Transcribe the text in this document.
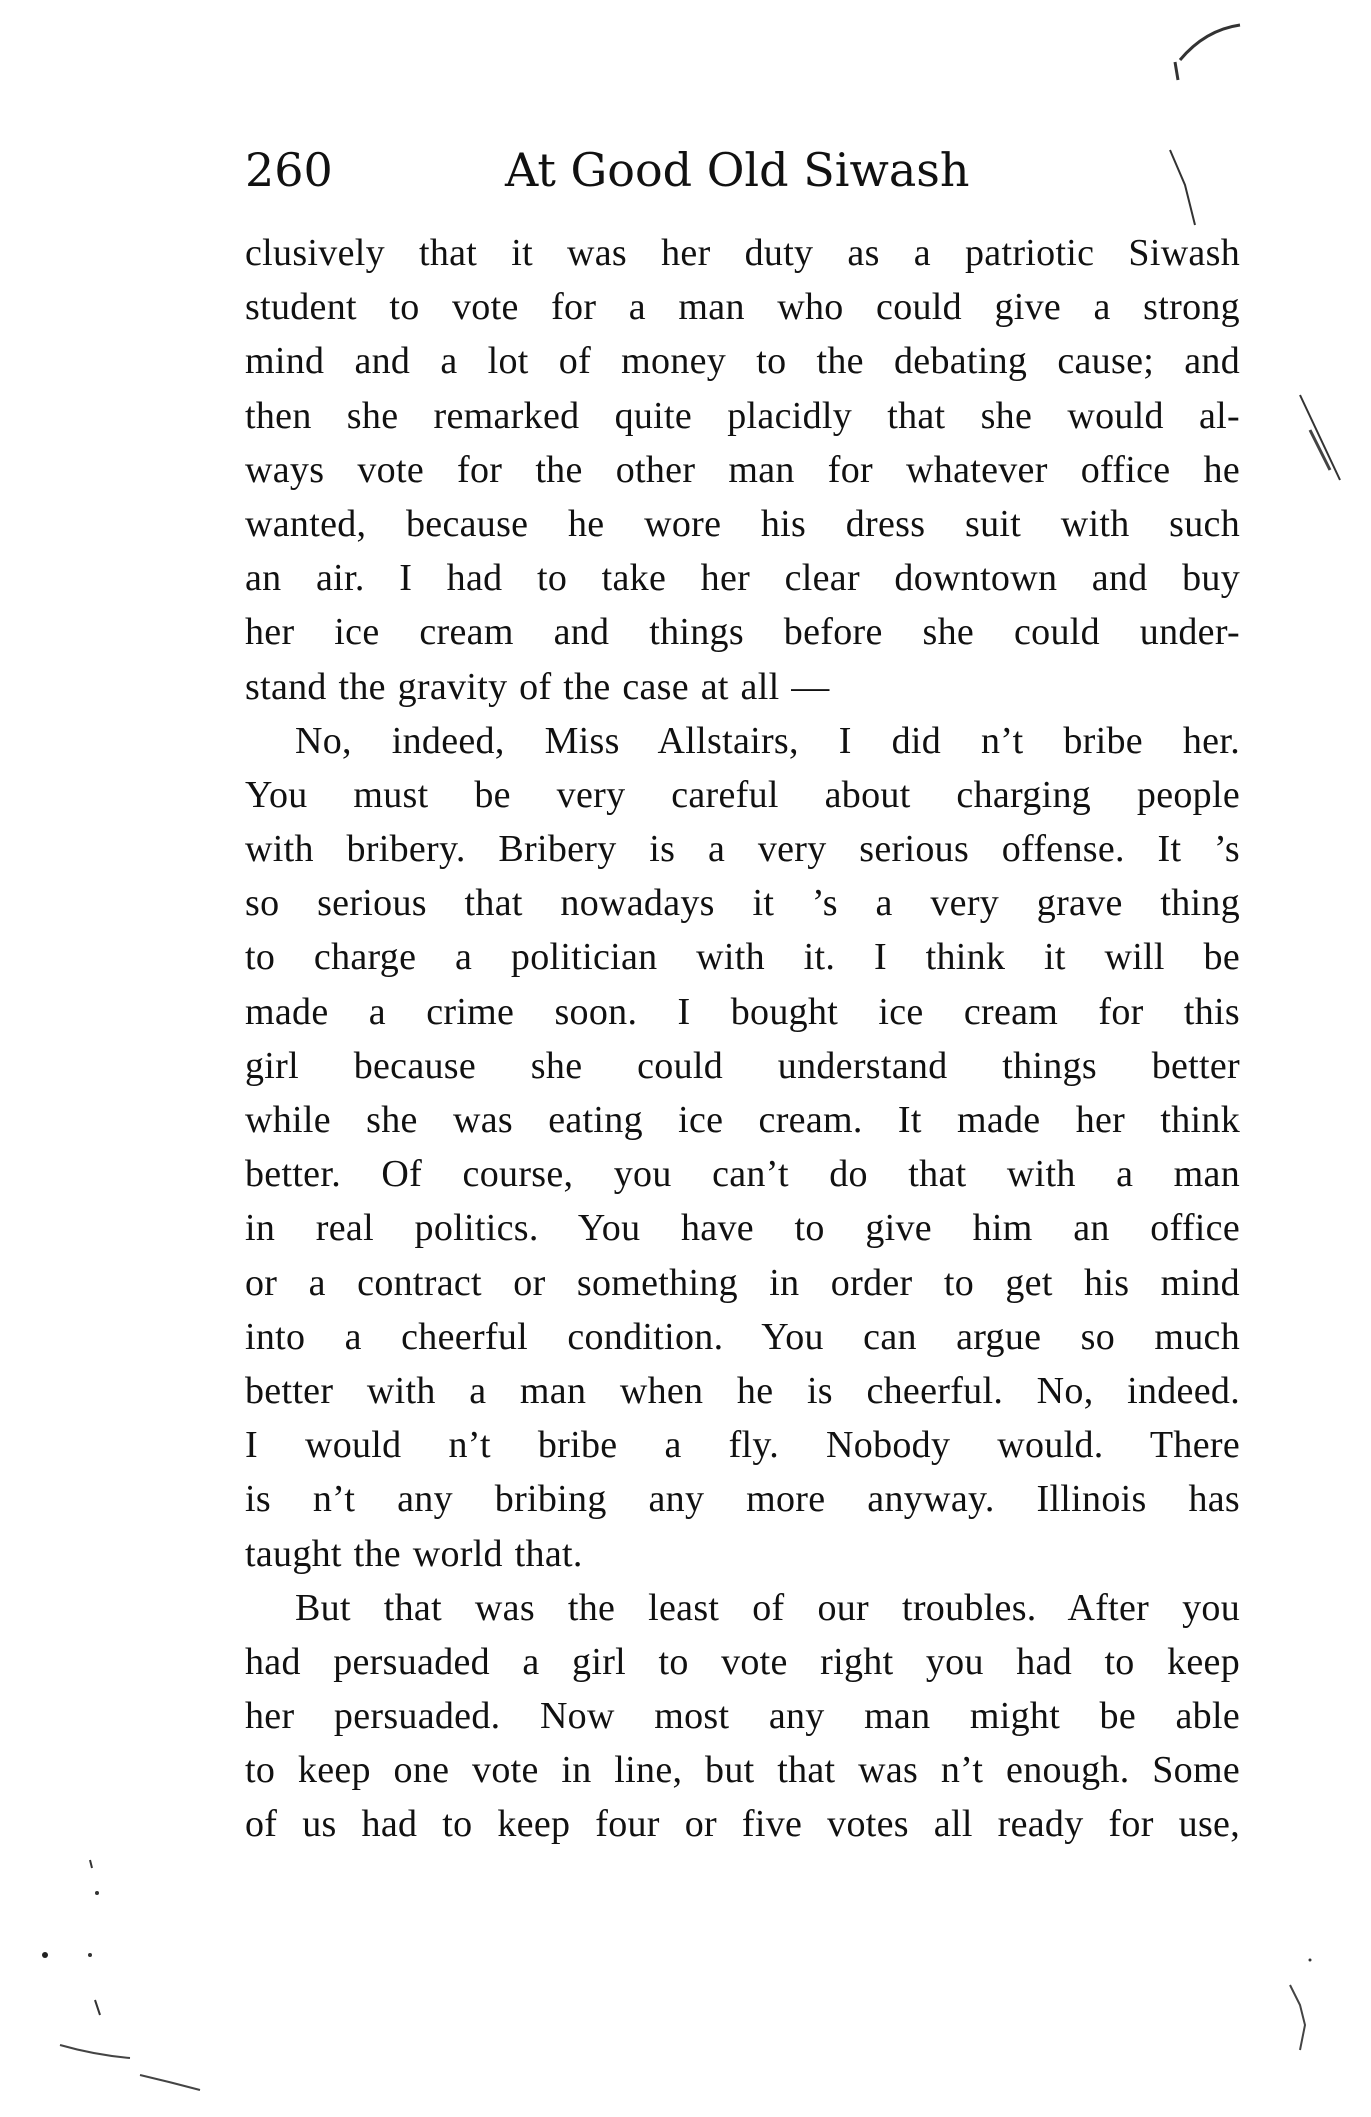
260	At Good Old Siwash
clusively that it was her duty as a patriotic Siwash
student to vote for a man who could give a strong
mind and a lot of money to the debating cause; and
then she remarked quite placidly that she would al-
ways vote for the other man for whatever office he
wanted, because he wore his dress suit with such
an air. I had to take her clear downtown and buy
her ice cream and things before she could under-
stand the gravity of the case at all —
No, indeed, Miss Allstairs, I did n’t bribe her.
You must be very careful about charging people
with bribery. Bribery is a very serious offense. It ’s
so serious that nowadays it ’s a very grave thing
to charge a politician with it. I think it will be
made a crime soon. I bought ice cream for this
girl because she could understand things better
while she was eating ice cream. It made her think
better. Of course, you can’t do that with a man
in real politics. You have to give him an office
or a contract or something in order to get his mind
into a cheerful condition. You can argue so much
better with a man when he is cheerful. No, indeed.
I would n’t bribe a fly. Nobody would. There
is n’t any bribing any more anyway. Illinois has
taught the world that.
But that was the least of our troubles. After you
had persuaded a girl to vote right you had to keep
her persuaded. Now most any man might be able
to keep one vote in line, but that was n’t enough. Some
of us had to keep four or five votes all ready for use,
